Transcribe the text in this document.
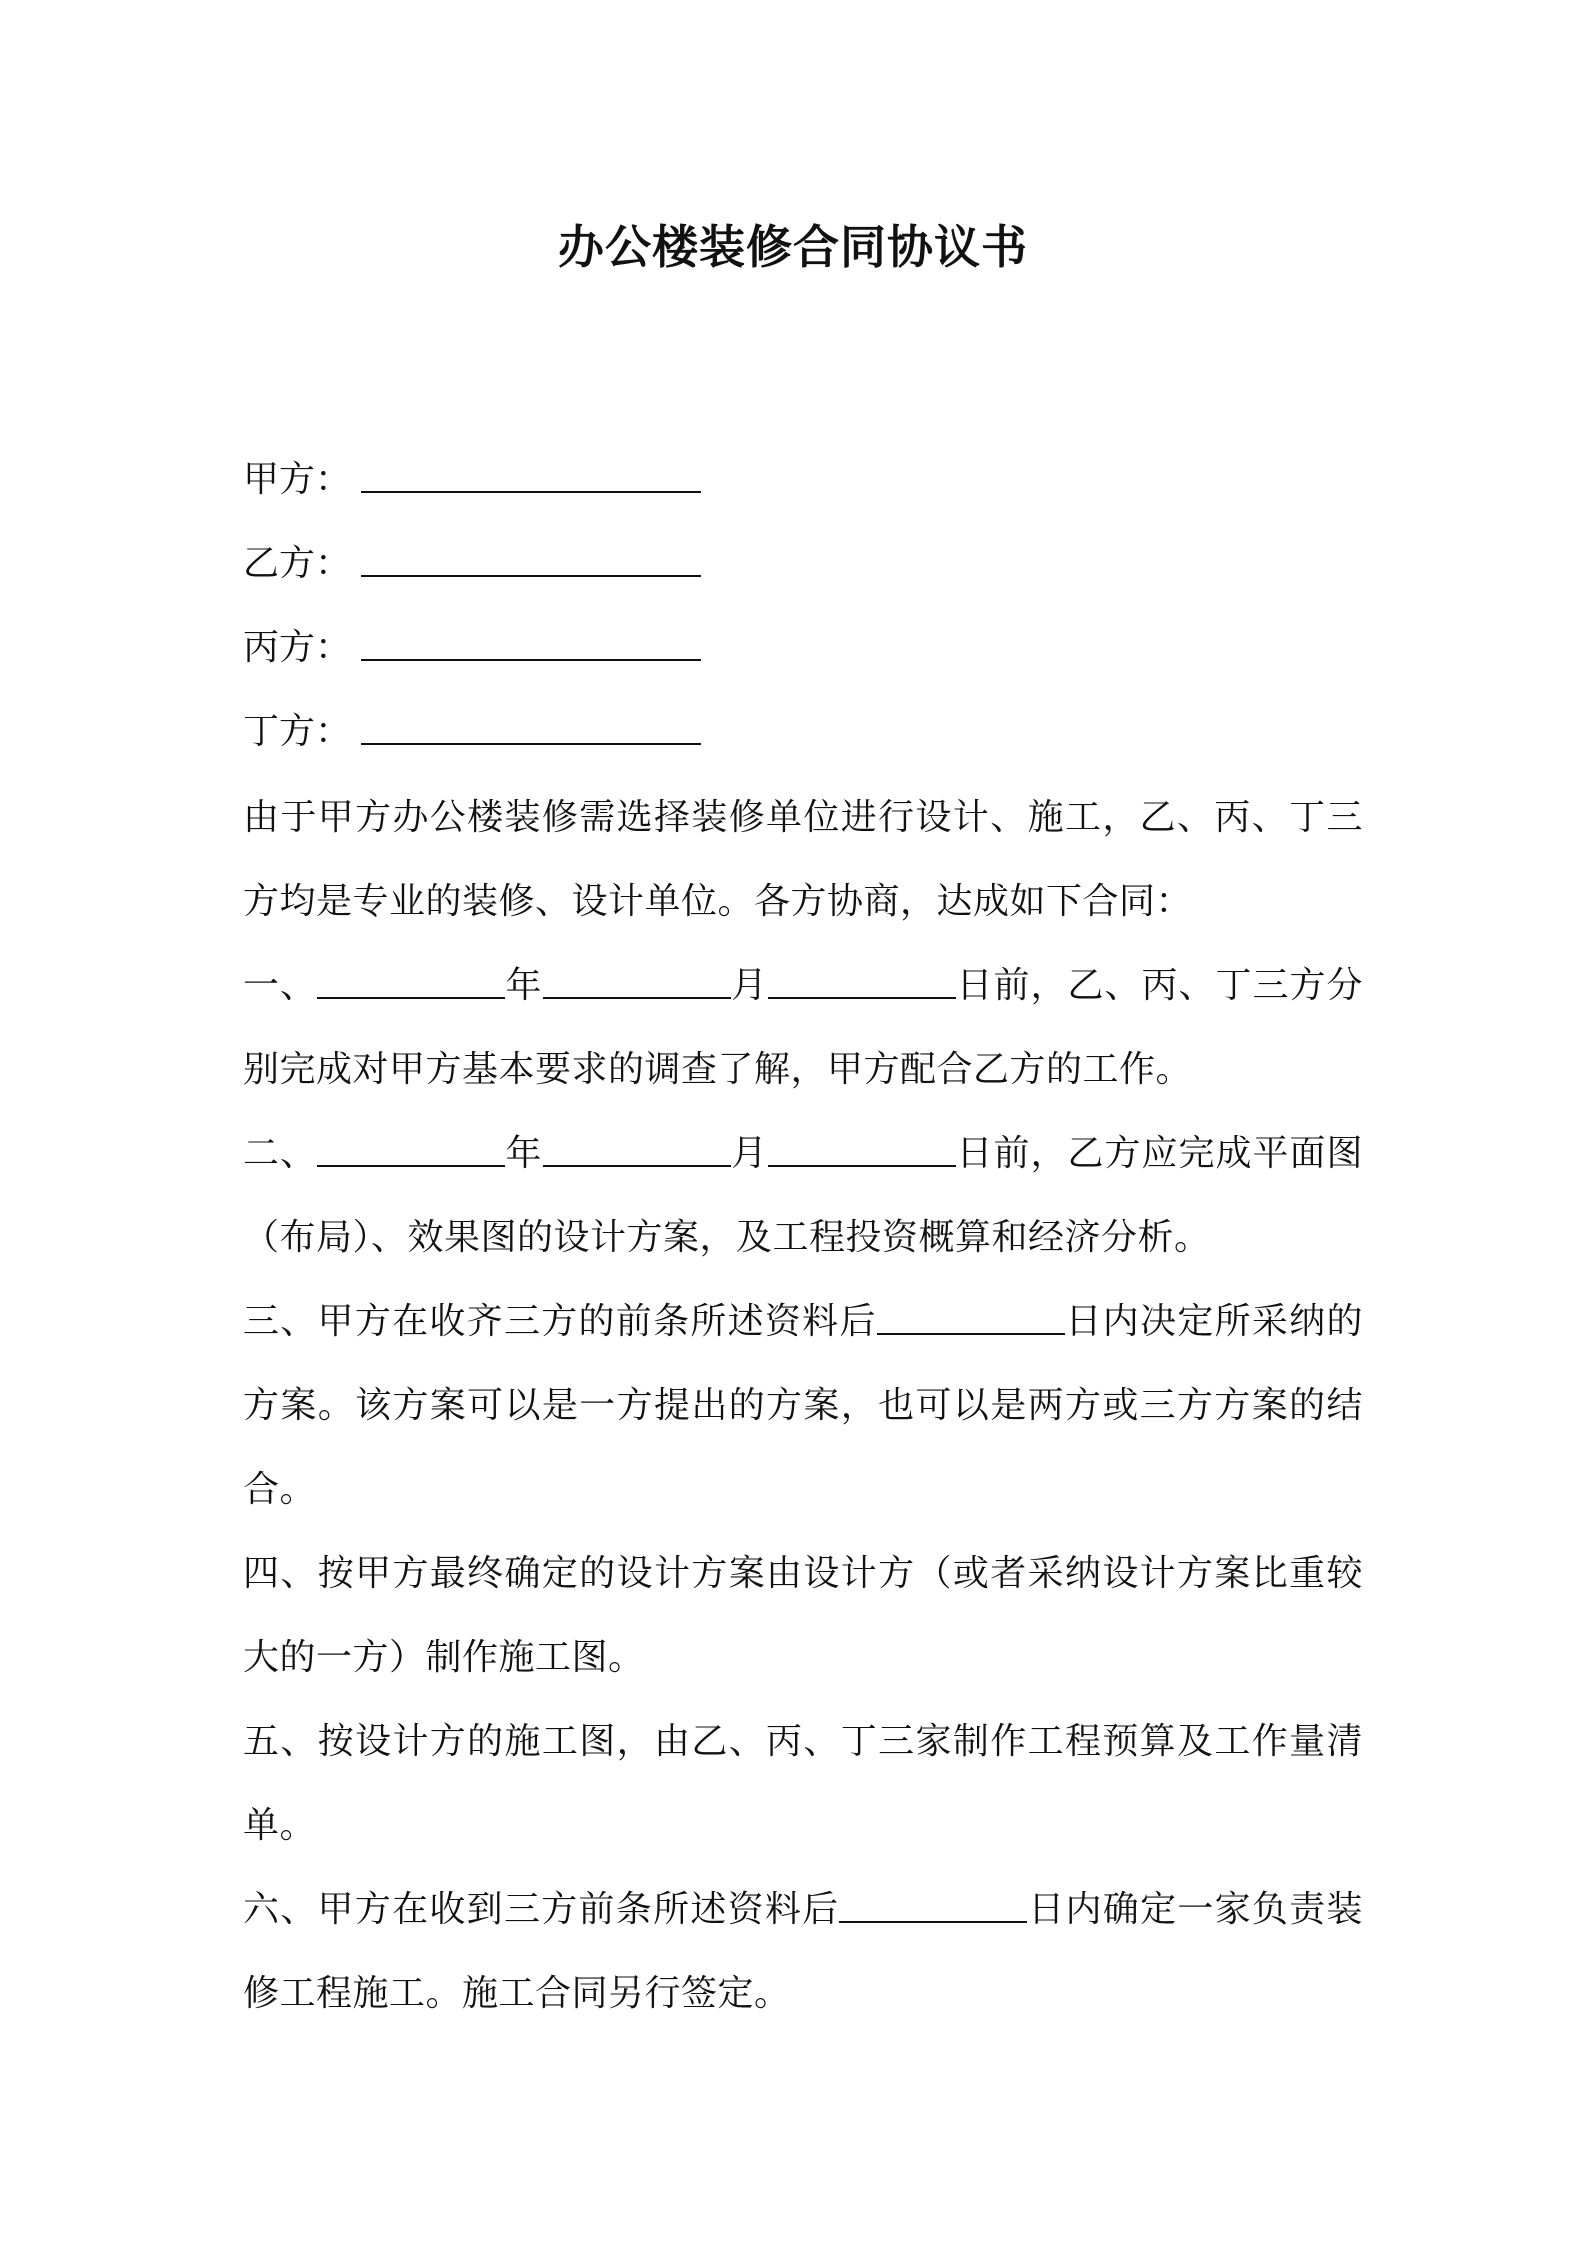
办公楼装修合同协议书
甲方：
乙方：
丙方：
丁方：

由于甲方办公楼装修需选择装修单位进行设计、施工，乙、丙、丁三方均是专业的装修、设计单位。各方协商，达成如下合同：

一、	年	月	日前，乙、丙、丁三方分别完成对甲方基本要求的调查了解，甲方配合乙方的工作。

二、	年	月	日前，乙方应完成平面图（布局）、效果图的设计方案，及工程投资概算和经济分析。

三、甲方在收齐三方的前条所述资料后	日内决定所采纳的方案。该方案可以是一方提出的方案，也可以是两方或三方方案的结合。

四、按甲方最终确定的设计方案由设计方（或者采纳设计方案比重较大的一方）制作施工图。

五、按设计方的施工图，由乙、丙、丁三家制作工程预算及工作量清单。

六、甲方在收到三方前条所述资料后	日内确定一家负责装修工程施工。施工合同另行签定。
